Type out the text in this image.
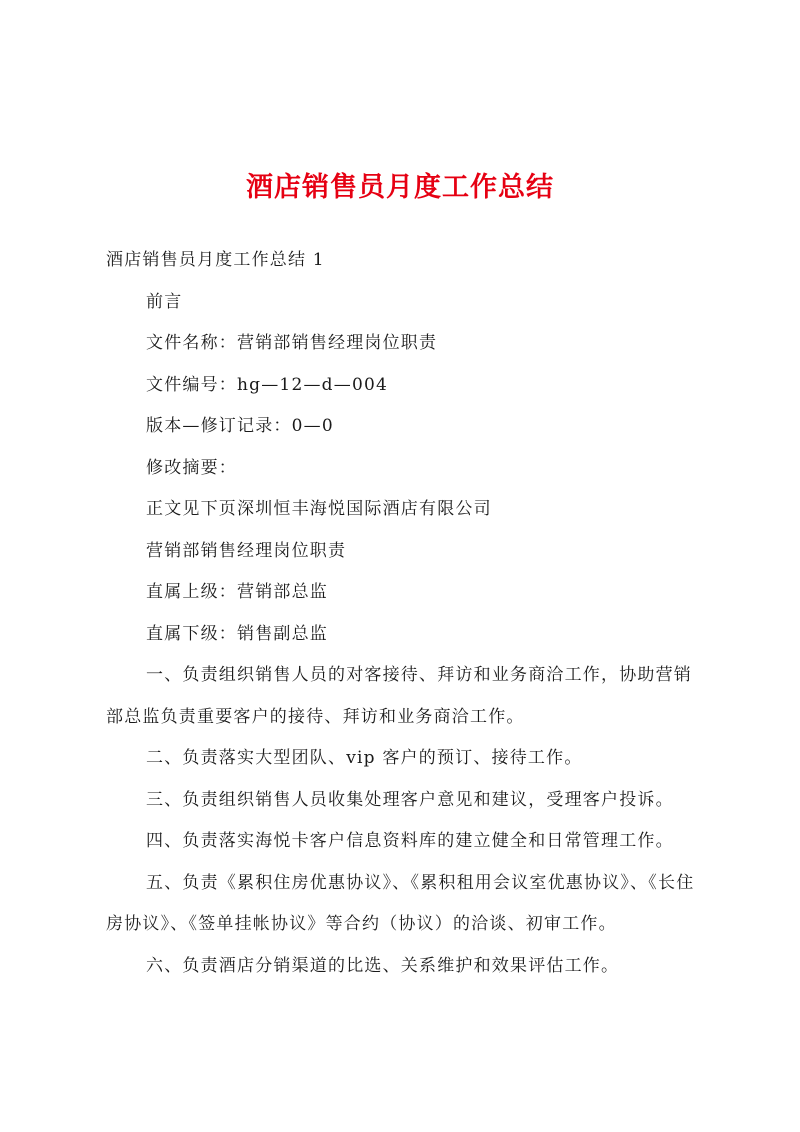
酒店销售员月度工作总结

酒店销售员月度工作总结 1

前言

文件名称：营销部销售经理岗位职责

文件编号：hg—12—d—004

版本—修订记录：0—0

修改摘要：

正文见下页深圳恒丰海悦国际酒店有限公司

营销部销售经理岗位职责

直属上级：营销部总监

直属下级：销售副总监

一、负责组织销售人员的对客接待、拜访和业务商洽工作，协助营销

部总监负责重要客户的接待、拜访和业务商洽工作。

二、负责落实大型团队、vip 客户的预订、接待工作。

三、负责组织销售人员收集处理客户意见和建议，受理客户投诉。

四、负责落实海悦卡客户信息资料库的建立健全和日常管理工作。

五、负责《累积住房优惠协议》、《累积租用会议室优惠协议》、《长住

房协议》、《签单挂帐协议》等合约（协议）的洽谈、初审工作。

六、负责酒店分销渠道的比选、关系维护和效果评估工作。
